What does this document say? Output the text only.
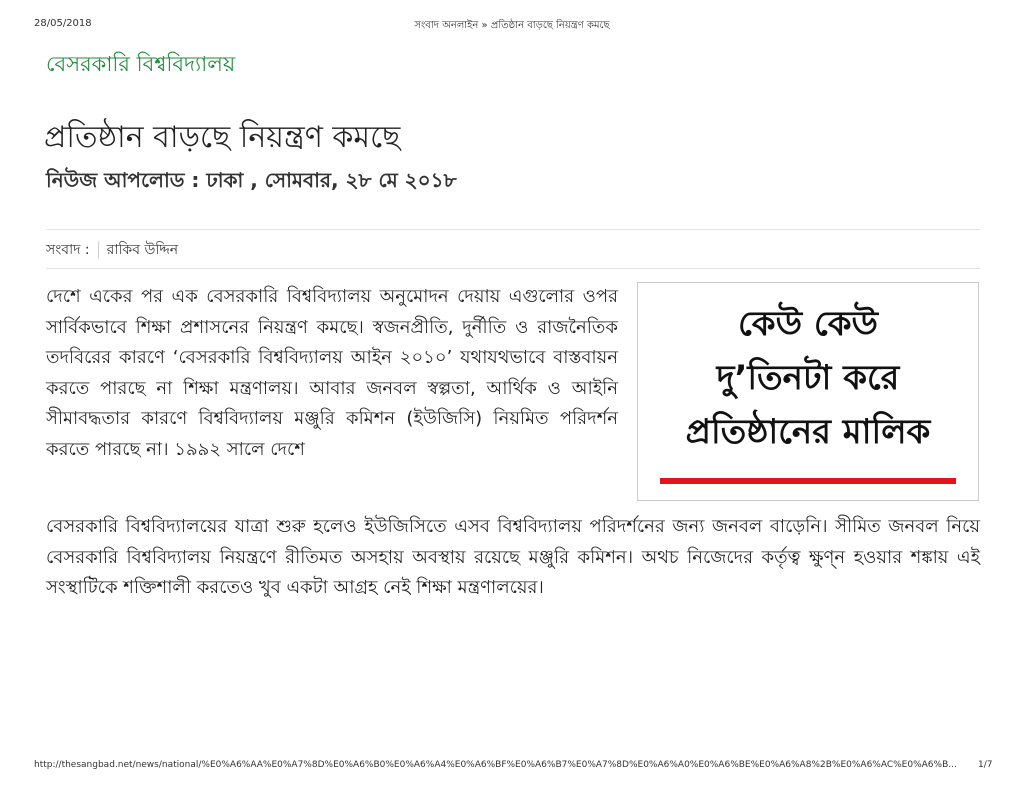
28/05/2018	সংবাদ অনলাইন » প্রতিষ্ঠান বাড়ছে নিয়ন্ত্রণ কমছে
বেসরকারি বিশ্ববিদ্যালয়
প্রতিষ্ঠান বাড়ছে নিয়ন্ত্রণ কমছে
নিউজ আপলোড : ঢাকা , সোমবার, ২৮ মে ২০১৮
সংবাদ : রাকিব উদ্দিন
দেশে একের পর এক বেসরকারি বিশ্ববিদ্যালয় অনুমোদন দেয়ায় এগুলোর ওপর সার্বিকভাবে শিক্ষা প্রশাসনের নিয়ন্ত্রণ কমছে। স্বজনপ্রীতি, দুর্নীতি ও রাজনৈতিক তদবিরের কারণে ‘বেসরকারি বিশ্ববিদ্যালয় আইন ২০১০’ যথাযথভাবে বাস্তবায়ন করতে পারছে না শিক্ষা মন্ত্রণালয়। আবার জনবল স্বল্পতা, আর্থিক ও আইনি সীমাবদ্ধতার কারণে বিশ্ববিদ্যালয় মঞ্জুরি কমিশন (ইউজিসি) নিয়মিত পরিদর্শন করতে পারছে না। ১৯৯২ সালে দেশে
কেউ কেউ
দু’তিনটা করে
প্রতিষ্ঠানের মালিক
বেসরকারি বিশ্ববিদ্যালয়ের যাত্রা শুরু হলেও ইউজিসিতে এসব বিশ্ববিদ্যালয় পরিদর্শনের জন্য জনবল বাড়েনি। সীমিত জনবল নিয়ে বেসরকারি বিশ্ববিদ্যালয় নিয়ন্ত্রণে রীতিমত অসহায় অবস্থায় রয়েছে মঞ্জুরি কমিশন। অথচ নিজেদের কর্তৃত্ব ক্ষুণ্ন হওয়ার শঙ্কায় এই সংস্থাটিকে শক্তিশালী করতেও খুব একটা আগ্রহ নেই শিক্ষা মন্ত্রণালয়ের।
http://thesangbad.net/news/national/%E0%A6%AA%E0%A7%8D%E0%A6%B0%E0%A6%A4%E0%A6%BF%E0%A6%B7%E0%A7%8D%E0%A6%A0%E0%A6%BE%E0%A6%A8%2B%E0%A6%AC%E0%A6%B...	1/7
